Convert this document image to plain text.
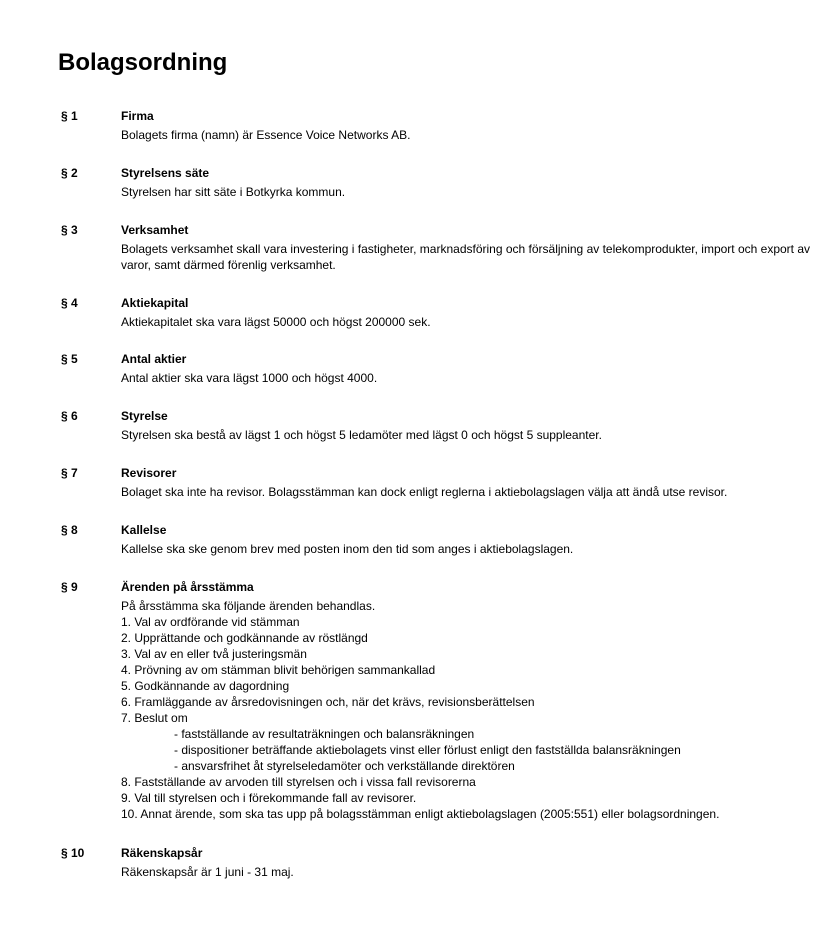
Bolagsordning
§ 1	Firma

Bolagets firma (namn) är Essence Voice Networks AB.

§ 2	Styrelsens säte

Styrelsen har sitt säte i Botkyrka kommun.

§ 3	Verksamhet

Bolagets verksamhet skall vara investering i fastigheter, marknadsföring och försäljning av telekomprodukter, import och export av varor, samt därmed förenlig verksamhet.

§ 4	Aktiekapital

Aktiekapitalet ska vara lägst 50000 och högst 200000 sek.

§ 5	Antal aktier

Antal aktier ska vara lägst 1000 och högst 4000.

§ 6	Styrelse

Styrelsen ska bestå av lägst 1 och högst 5 ledamöter med lägst 0 och högst 5 suppleanter.

§ 7	Revisorer

Bolaget ska inte ha revisor. Bolagsstämman kan dock enligt reglerna i aktiebolagslagen välja att ändå utse revisor.

§ 8	Kallelse

Kallelse ska ske genom brev med posten inom den tid som anges i aktiebolagslagen.

§ 9	Ärenden på årsstämma

På årsstämma ska följande ärenden behandlas.

1. Val av ordförande vid stämman
2. Upprättande och godkännande av röstlängd
3. Val av en eller två justeringsmän
4. Prövning av om stämman blivit behörigen sammankallad
5. Godkännande av dagordning
6. Framläggande av årsredovisningen och, när det krävs, revisionsberättelsen
7. Beslut om
- fastställande av resultaträkningen och balansräkningen
- dispositioner beträffande aktiebolagets vinst eller förlust enligt den fastställda balansräkningen
- ansvarsfrihet åt styrelseledamöter och verkställande direktören
8. Fastställande av arvoden till styrelsen och i vissa fall revisorerna
9. Val till styrelsen och i förekommande fall av revisorer.
10. Annat ärende, som ska tas upp på bolagsstämman enligt aktiebolagslagen (2005:551) eller bolagsordningen.
§ 10	Räkenskapsår

Räkenskapsår är 1 juni - 31 maj.
